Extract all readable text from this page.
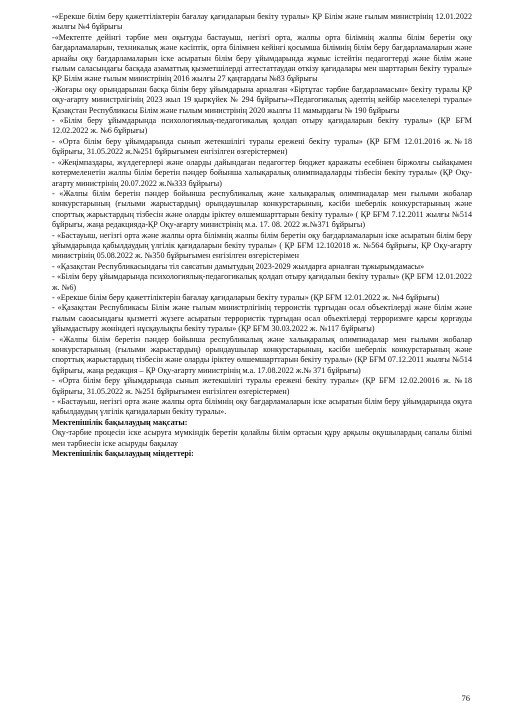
-«Ерекше білім беру қажеттіліктерін бағалау қағидаларын бекіту туралы» ҚР Білім және ғылым министрінің 12.01.2022 жылғы №4 бұйрығы

-«Мектепте дейінгі тәрбие мен оқытуды бастауыш, негізгі орта, жалпы орта білімнің жалпы білім беретін оқу бағдарламаларын, техникалық және кәсіптік, орта білімнен кейінгі қосымша білімнің білім беру бағдарламаларын және арнайы оқу бағдарламаларын іске асыратын білім беру ұйымдарында жұмыс істейтін педагогтерді және білім және ғылым саласындағы басқада азаматтық қызметшілерді аттестаттаудан өткізу қағидалары мен шарттарын бекіту туралы» ҚР Білім және ғылым министрінің 2016 жылғы 27 қаңтардағы №83 бұйрығы

-Жоғары оқу орындарынан басқа білім беру ұйымдарына арналған «Біртұтас тәрбие бағдарламасын» бекіту туралы ҚР оқу-ағарту министрлігінің 2023 жыл 19 қыркүйек № 294 бұйрығы-«Педагогикалық әдептің кейбір мәселелері туралы» Қазақстан Республикасы Білім және ғылым министрінің 2020 жылғы 11 мамырдағы № 190 бұйрығы

- «Білім беру ұйымдарында психологиялық-педагогикалық қолдап отыру қағидаларын бекіту туралы» (ҚР БҒМ 12.02.2022 ж. №6 бұйрығы)

- «Орта білім беру ұйымдарында сынып жетекшілігі туралы ережені бекіту туралы» (ҚР БҒМ 12.01.2016 ж.№18 бұйрығы, 31.05.2022 ж.№251 бұйрығымен енгізілген өзгерістермен)

- «Жеңімпаздары, жүлдегерлері және оларды дайындаған педагогтер бюджет қаражаты есебінен біржолғы сыйақымен көтермеленетін жалпы білім беретін пәндер бойынша халықаралық олимпиадаларды тізбесін бекіту туралы» (ҚР Оқу-ағарту министрінің 20.07.2022 ж.№333 бұйрығы)

- «Жалпы білім беретін пәндер бойынша республикалық және халықаралық олимпиадалар мен ғылыми жобалар конкурстарының (ғылыми жарыстардың) орындаушылар конкурстарының, кәсіби шеберлік конкурстарының және спорттық жарыстардың тізбесін және оларды іріктеу өлшемшарттарын бекіту туралы» ( ҚР БҒМ 7.12.2011 жылғы №514 бұйрығы, жаңа редакцияда-ҚР Оқу-ағарту министрінің м.а. 17. 08. 2022 ж.№371 бұйрығы)

- «Бастауыш, негізгі орта және жалпы орта білімнің жалпы білім беретін оқу бағдарламаларын іске асыратын білім беру ұйымдарында қабылдаудың үлгілік қағидаларын бекіту туралы» ( ҚР БҒМ 12.102018 ж. №564 бұйрығы, ҚР Оқу-ағарту министрінің 05.08.2022 ж. №350 бұйрығымен енгізілген өзгерістерімен

- «Қазақстан Республикасындағы тіл саясатын дамытудың 2023-2029 жылдарға арналған тұжырымдамасы»

- «Білім беру ұйымдарында психологиялық-педагогикалық қолдап отыру қағидалын бекіту туралы» (ҚР БҒМ 12.01.2022 ж. №6)

- «Ерекше білім беру қажеттіліктерін бағалау қағидаларын бекіту туралы» (ҚР БҒМ 12.01.2022 ж. №4 бұйрығы)

- «Қазақстан Республикасы Білім және ғылым министрлігінің терроистік тұрғыдан осал объектілерді және білім және ғылым саоасындағы қызметті жүзеге асыратын террористік тұрғыдан осал объектілерді терроризмге қарсы қорғауды ұйымдастыру жөніндегі нұсқаулықты бекіту туралы» (ҚР БҒМ 30.03.2022 ж. №117 бұйрығы)

- «Жалпы білім беретін пәндер бойынша республикалық және халықаралық олимпиадалар мен ғылыми жобалар конкурстарының (ғылыми жарыстардың) орындаушылар конкурстарының, кәсіби шеберлік конкурстарының және спорттық жарыстардың тізбесін және оларды іріктеу өлшемшарттарын бекіту туралы» (ҚР БҒМ 07.12.2011 жылғы №514 бұйрығы, жаңа редакция – ҚР Оқу-ағарту министрінің м.а. 17.08.2022 ж.№ 371 бұйрығы)

- «Орта білім беру ұйымдарында сынып жетекшілігі туралы ережені бекіту туралы» (ҚР БҒМ 12.02.20016 ж. №18 бұйрығы, 31.05.2022 ж. №251 бұйрығымен енгізілген өзгерістермен)

- «Бастауыш, негізгі орта және жалпы орта білімнің оқу бағдарламаларын іске асыратын білім беру ұйымдарында оқуға қабылдаудың үлгілік қағидаларын бекіту туралы».

Мектепішілік бақылаудың мақсаты:

Оқу-тәрбие процесін іске асыруға мүмкіндік беретін қолайлы білім ортасын құру арқылы оқушылардың сапалы білімі мен тәрбиесін іске асыруды бақылау

Мектепішілік бақылаудың міндеттері:

76
